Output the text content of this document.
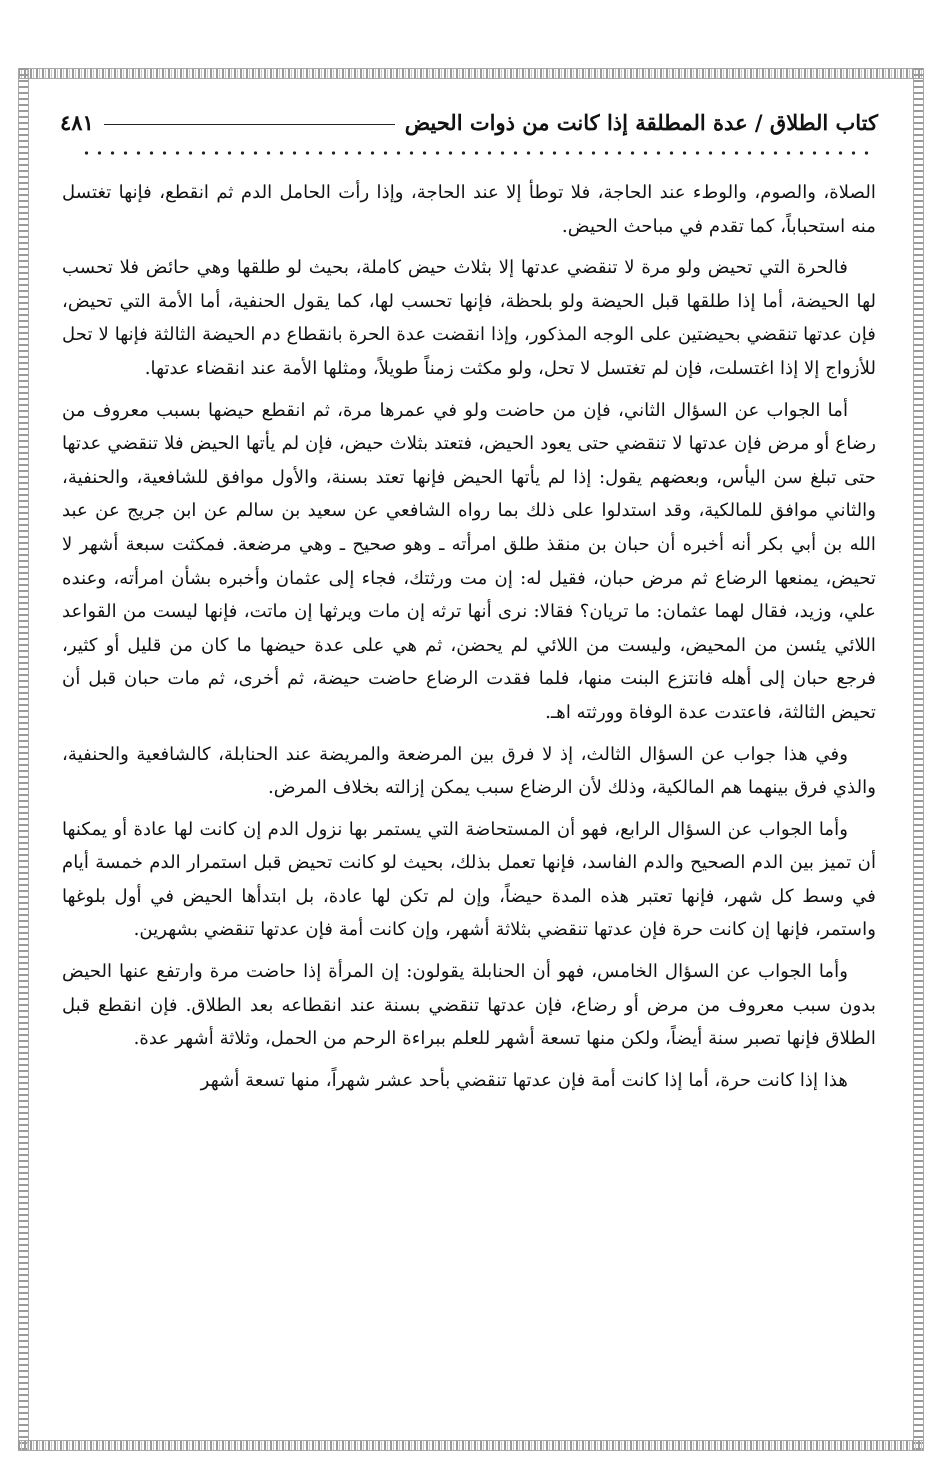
كتاب الطلاق / عدة المطلقة إذا كانت من ذوات الحيض
٤٨١

الصلاة، والصوم، والوطء عند الحاجة، فلا توطأ إلا عند الحاجة، وإذا رأت الحامل الدم ثم انقطع، فإنها تغتسل منه استحباباً، كما تقدم في مباحث الحيض.

فالحرة التي تحيض ولو مرة لا تنقضي عدتها إلا بثلاث حيض كاملة، بحيث لو طلقها وهي حائض فلا تحسب لها الحيضة، أما إذا طلقها قبل الحيضة ولو بلحظة، فإنها تحسب لها، كما يقول الحنفية، أما الأمة التي تحيض، فإن عدتها تنقضي بحيضتين على الوجه المذكور، وإذا انقضت عدة الحرة بانقطاع دم الحيضة الثالثة فإنها لا تحل للأزواج إلا إذا اغتسلت، فإن لم تغتسل لا تحل، ولو مكثت زمناً طويلاً، ومثلها الأمة عند انقضاء عدتها.

أما الجواب عن السؤال الثاني، فإن من حاضت ولو في عمرها مرة، ثم انقطع حيضها بسبب معروف من رضاع أو مرض فإن عدتها لا تنقضي حتى يعود الحيض، فتعتد بثلاث حيض، فإن لم يأتها الحيض فلا تنقضي عدتها حتى تبلغ سن اليأس، وبعضهم يقول: إذا لم يأتها الحيض فإنها تعتد بسنة، والأول موافق للشافعية، والحنفية، والثاني موافق للمالكية، وقد استدلوا على ذلك بما رواه الشافعي عن سعيد بن سالم عن ابن جريج عن عبد الله بن أبي بكر أنه أخبره أن حبان بن منقذ طلق امرأته ـ وهو صحيح ـ وهي مرضعة. فمكثت سبعة أشهر لا تحيض، يمنعها الرضاع ثم مرض حبان، فقيل له: إن مت ورثتك، فجاء إلى عثمان وأخبره بشأن امرأته، وعنده علي، وزيد، فقال لهما عثمان: ما تريان؟ فقالا: نرى أنها ترثه إن مات ويرثها إن ماتت، فإنها ليست من القواعد اللائي يئسن من المحيض، وليست من اللائي لم يحضن، ثم هي على عدة حيضها ما كان من قليل أو كثير، فرجع حبان إلى أهله فانتزع البنت منها، فلما فقدت الرضاع حاضت حيضة، ثم أخرى، ثم مات حبان قبل أن تحيض الثالثة، فاعتدت عدة الوفاة وورثته اهـ.

وفي هذا جواب عن السؤال الثالث، إذ لا فرق بين المرضعة والمريضة عند الحنابلة، كالشافعية والحنفية، والذي فرق بينهما هم المالكية، وذلك لأن الرضاع سبب يمكن إزالته بخلاف المرض.

وأما الجواب عن السؤال الرابع، فهو أن المستحاضة التي يستمر بها نزول الدم إن كانت لها عادة أو يمكنها أن تميز بين الدم الصحيح والدم الفاسد، فإنها تعمل بذلك، بحيث لو كانت تحيض قبل استمرار الدم خمسة أيام في وسط كل شهر، فإنها تعتبر هذه المدة حيضاً، وإن لم تكن لها عادة، بل ابتدأها الحيض في أول بلوغها واستمر، فإنها إن كانت حرة فإن عدتها تنقضي بثلاثة أشهر، وإن كانت أمة فإن عدتها تنقضي بشهرين.

وأما الجواب عن السؤال الخامس، فهو أن الحنابلة يقولون: إن المرأة إذا حاضت مرة وارتفع عنها الحيض بدون سبب معروف من مرض أو رضاع، فإن عدتها تنقضي بسنة عند انقطاعه بعد الطلاق. فإن انقطع قبل الطلاق فإنها تصبر سنة أيضاً، ولكن منها تسعة أشهر للعلم ببراءة الرحم من الحمل، وثلاثة أشهر عدة.

هذا إذا كانت حرة، أما إذا كانت أمة فإن عدتها تنقضي بأحد عشر شهراً، منها تسعة أشهر
